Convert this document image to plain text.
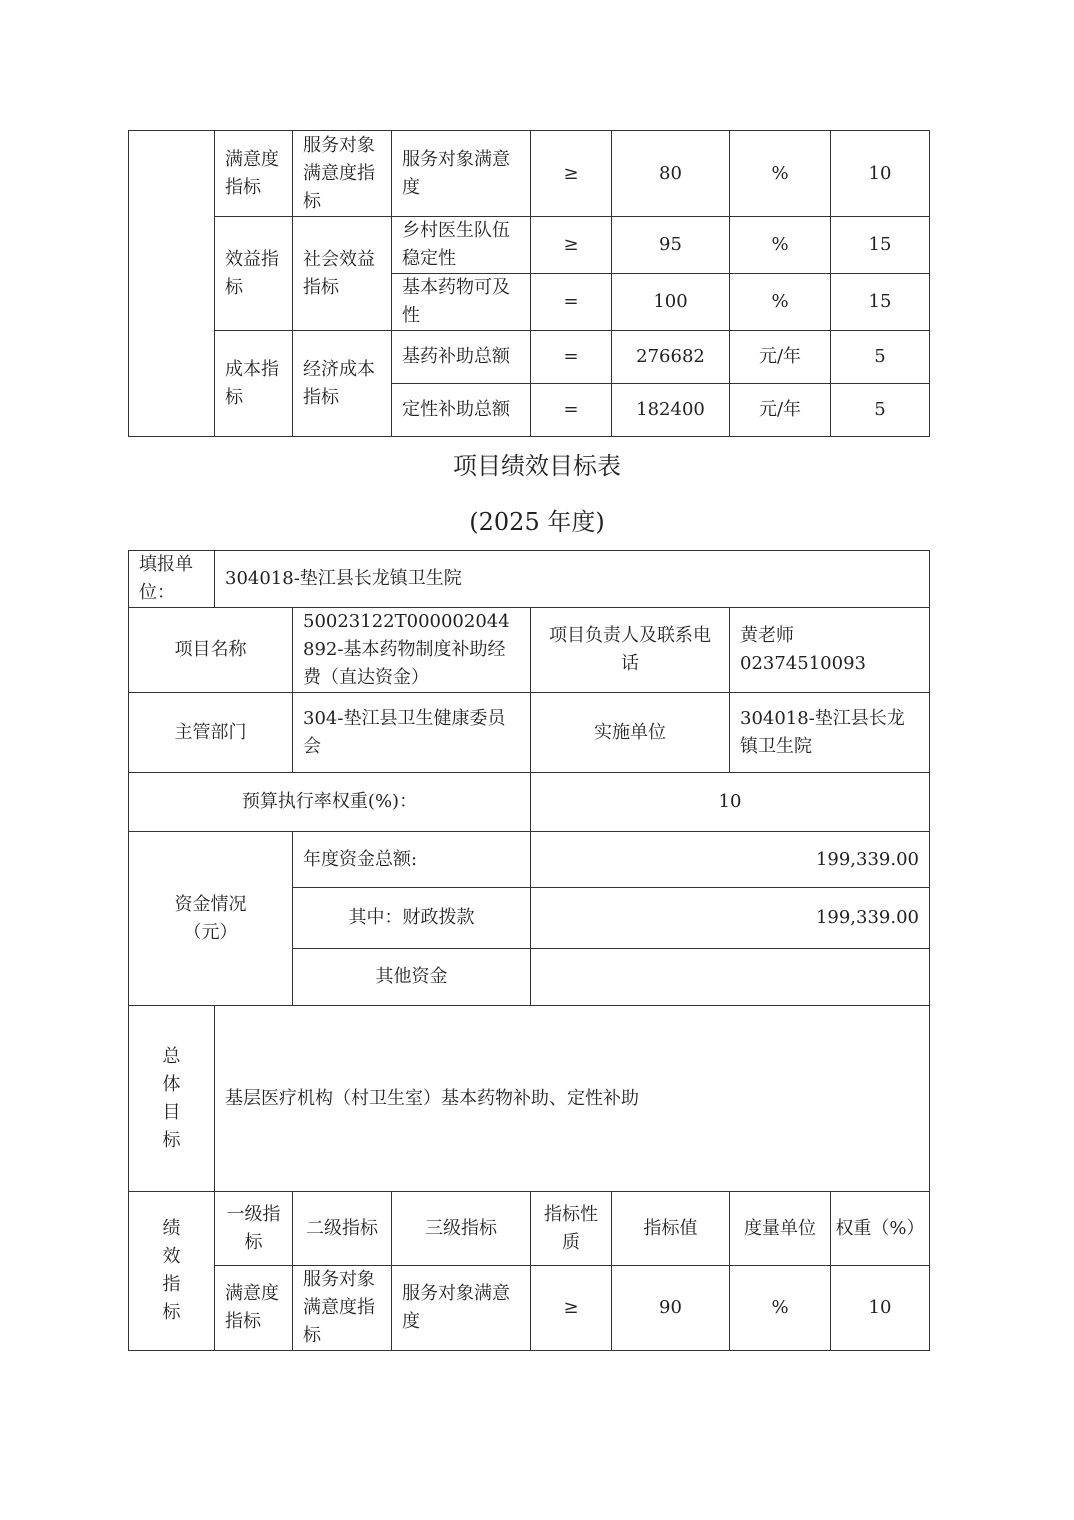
	满意度指标	服务对象满意度指标	服务对象满意度	≥	80	%	10
	效益指标	社会效益指标	乡村医生队伍稳定性	≥	95	%	15
			基本药物可及性	=	100	%	15
	成本指标	经济成本指标	基药补助总额	=	276682	元/年	5
			定性补助总额	=	182400	元/年	5
项目绩效目标表
(2025 年度)
填报单位：	304018-垫江县长龙镇卫生院						
项目名称		50023122T000002044892-基本药物制度补助经费（直达资金）		项目负责人及联系电话		黄老师 02374510093	
主管部门		304-垫江县卫生健康委员会		实施单位		304018-垫江县长龙镇卫生院	
预算执行率权重(%)：				10			
资金情况（元）		年度资金总额:		199,339.00			
		其中：财政拨款		199,339.00			
		其他资金					
总体目标	基层医疗机构（村卫生室）基本药物补助、定性补助						
绩效指标	一级指标	二级指标	三级指标	指标性质	指标值	度量单位	权重（%）
	满意度指标	服务对象满意度指标	服务对象满意度	≥	90	%	10
